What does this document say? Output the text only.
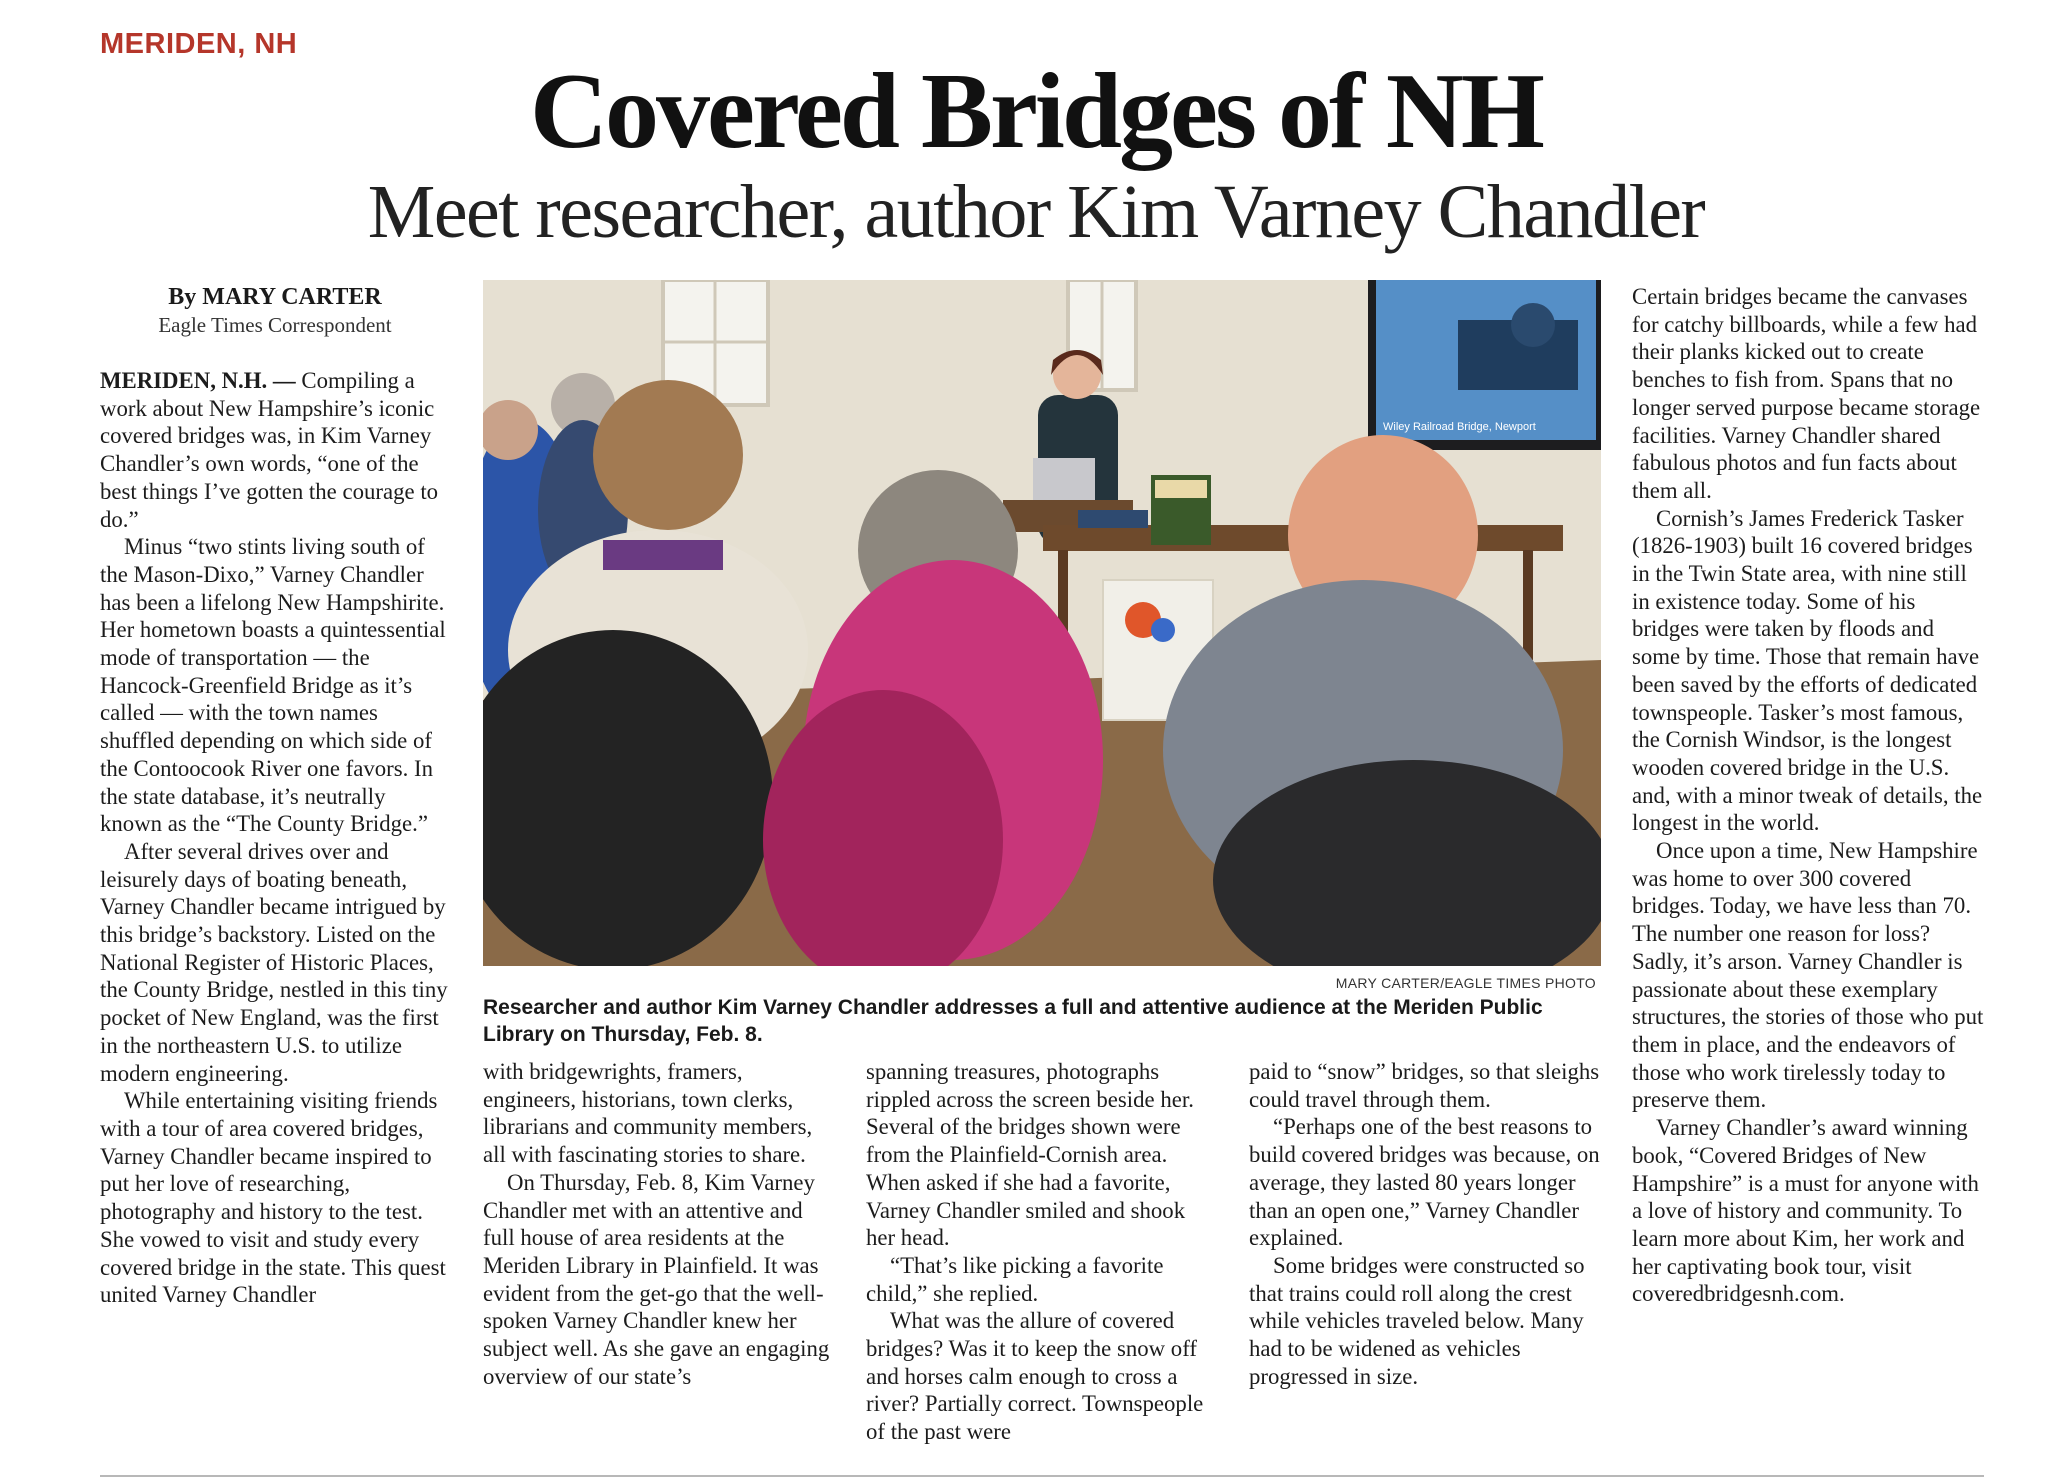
MERIDEN, NH
Covered Bridges of NH
Meet researcher, author Kim Varney Chandler
By MARY CARTER
Eagle Times Correspondent

MERIDEN, N.H. — Compiling a work about New Hampshire’s iconic covered bridges was, in Kim Varney Chandler’s own words, “one of the best things I’ve gotten the courage to do.”

Minus “two stints living south of the Mason-Dixo,” Varney Chandler has been a lifelong New Hampshirite. Her hometown boasts a quintessential mode of transportation — the Hancock-Greenfield Bridge as it’s called — with the town names shuffled depending on which side of the Contoocook River one favors. In the state database, it’s neutrally known as the “The County Bridge.”

After several drives over and leisurely days of boating beneath, Varney Chandler became intrigued by this bridge’s backstory. Listed on the National Register of Historic Places, the County Bridge, nestled in this tiny pocket of New England, was the first in the northeastern U.S. to utilize modern engineering.

While entertaining visiting friends with a tour of area covered bridges, Varney Chandler became inspired to put her love of researching, photography and history to the test. She vowed to visit and study every covered bridge in the state. This quest united Varney Chandler

Wiley Railroad Bridge, Newport
MARY CARTER/EAGLE TIMES PHOTO
Researcher and author Kim Varney Chandler addresses a full and attentive audience at the Meriden Public Library on Thursday, Feb. 8.

with bridgewrights, framers, engineers, historians, town clerks, librarians and community members, all with fascinating stories to share.

On Thursday, Feb. 8, Kim Varney Chandler met with an attentive and full house of area residents at the Meriden Library in Plainfield. It was evident from the get-go that the well-spoken Varney Chandler knew her subject well. As she gave an engaging overview of our state’s

spanning treasures, photographs rippled across the screen beside her. Several of the bridges shown were from the Plainfield-Cornish area. When asked if she had a favorite, Varney Chandler smiled and shook her head.

“That’s like picking a favorite child,” she replied.

What was the allure of covered bridges? Was it to keep the snow off and horses calm enough to cross a river? Partially correct. Townspeople of the past were

paid to “snow” bridges, so that sleighs could travel through them.

“Perhaps one of the best reasons to build covered bridges was because, on average, they lasted 80 years longer than an open one,” Varney Chandler explained.

Some bridges were constructed so that trains could roll along the crest while vehicles traveled below. Many had to be widened as vehicles progressed in size.

Certain bridges became the canvases for catchy billboards, while a few had their planks kicked out to create benches to fish from. Spans that no longer served purpose became storage facilities. Varney Chandler shared fabulous photos and fun facts about them all.

Cornish’s James Frederick Tasker (1826-1903) built 16 covered bridges in the Twin State area, with nine still in existence today. Some of his bridges were taken by floods and some by time. Those that remain have been saved by the efforts of dedicated townspeople. Tasker’s most famous, the Cornish Windsor, is the longest wooden covered bridge in the U.S. and, with a minor tweak of details, the longest in the world.

Once upon a time, New Hampshire was home to over 300 covered bridges. Today, we have less than 70. The number one reason for loss? Sadly, it’s arson. Varney Chandler is passionate about these exemplary structures, the stories of those who put them in place, and the endeavors of those who work tirelessly today to preserve them.

Varney Chandler’s award winning book, “Covered Bridges of New Hampshire” is a must for anyone with a love of history and community. To learn more about Kim, her work and her captivating book tour, visit coveredbridgesnh.com.
